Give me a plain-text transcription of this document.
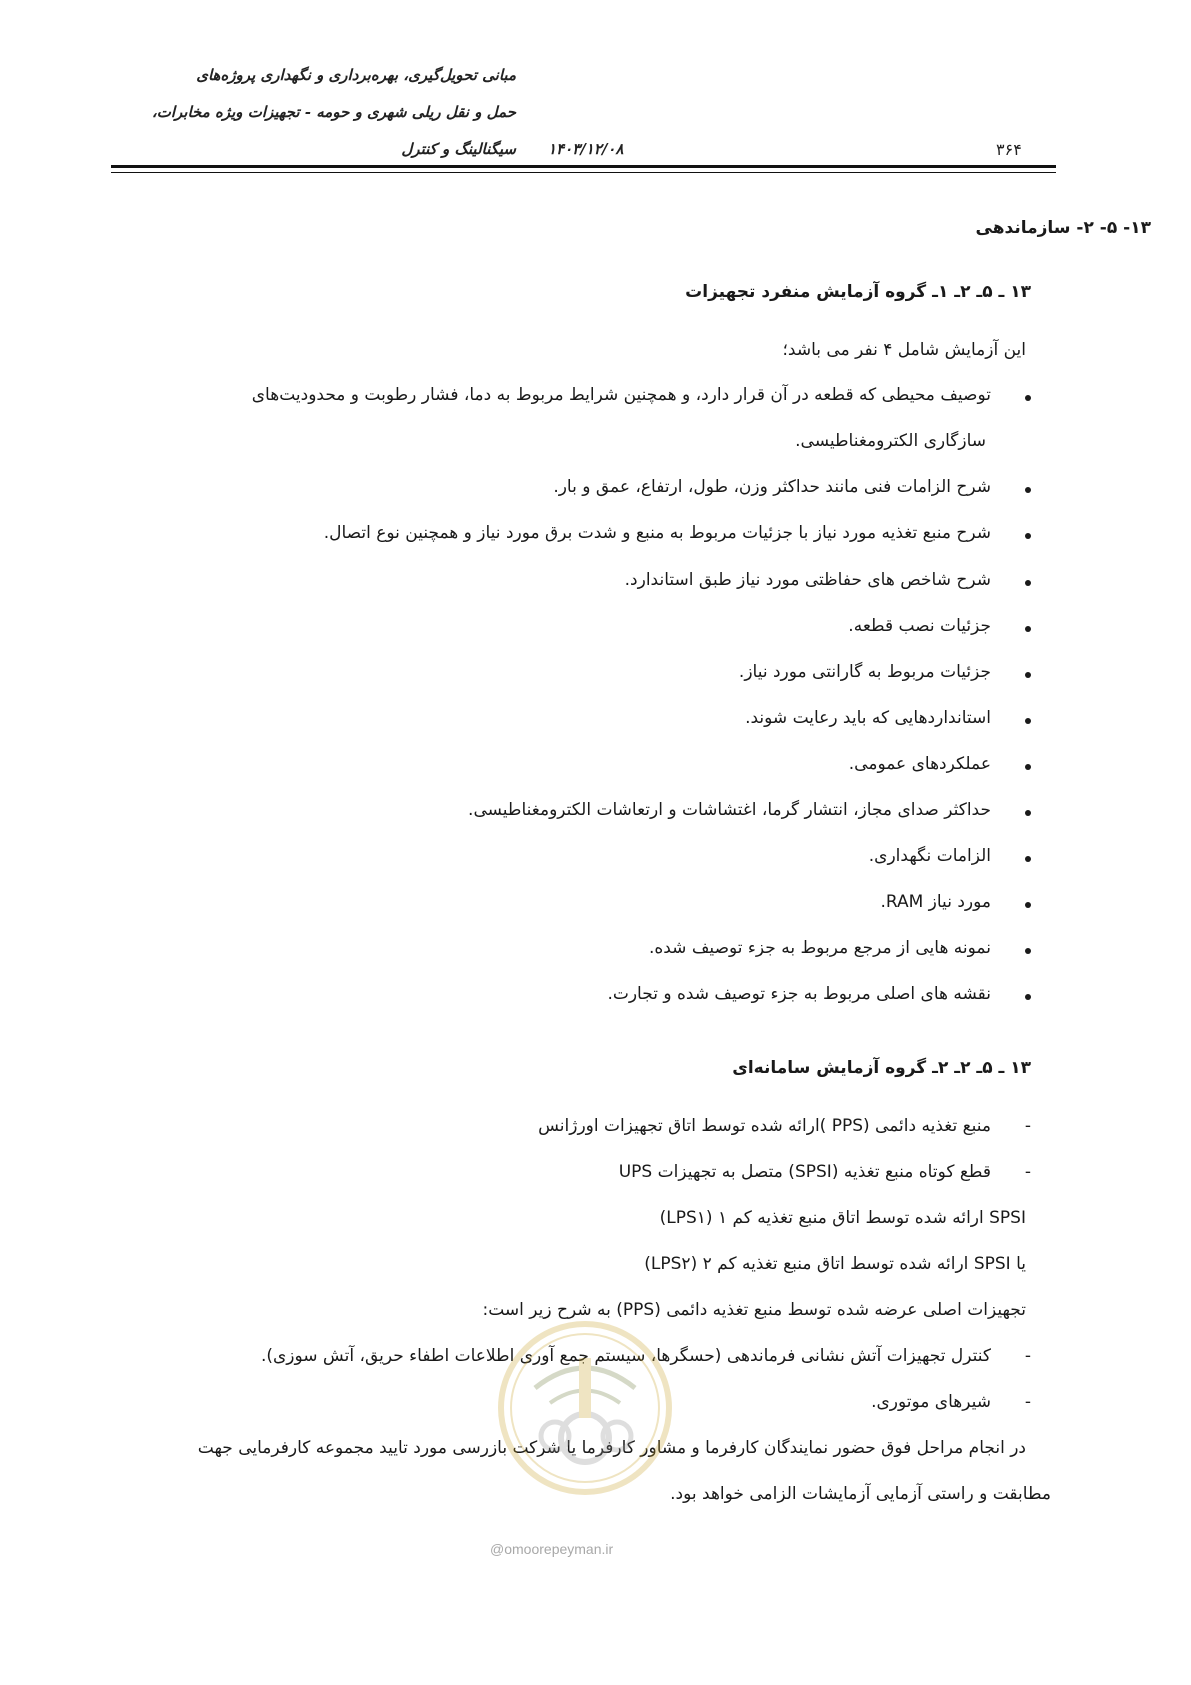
مبانی تحویل‌گیری، بهره‌برداری و نگهداری پروژه‌های
حمل و نقل ریلی شهری و حومه - تجهیزات ویژه مخابرات،
سیگنالینگ و کنترل ۱۴۰۳/۱۲/۰۸	۳۶۴
۱۳- ۵- ۲- سازماندهی
۱۳ ـ ۵ـ ۲ـ ۱ـ گروه آزمایش منفرد تجهیزات
این آزمایش شامل ۴ نفر می باشد؛
توصیف محیطی که قطعه در آن قرار دارد، و همچنین شرایط مربوط به دما، فشار رطوبت و محدودیت‌های
سازگاری الکترومغناطیسی.
شرح الزامات فنی مانند حداکثر وزن، طول، ارتفاع، عمق و بار.
شرح منبع تغذیه مورد نیاز با جزئیات مربوط به منبع و شدت برق مورد نیاز و همچنین نوع اتصال.
شرح شاخص های حفاظتی مورد نیاز طبق استاندارد.
جزئیات نصب قطعه.
جزئیات مربوط به گارانتی مورد نیاز.
استانداردهایی که باید رعایت شوند.
عملکردهای عمومی.
حداکثر صدای مجاز، انتشار گرما، اغتشاشات و ارتعاشات الکترومغناطیسی.
الزامات نگهداری.
مورد نیاز RAM.
نمونه هایی از مرجع مربوط به جزء توصیف شده.
نقشه های اصلی مربوط به جزء توصیف شده و تجارت.
۱۳ ـ ۵ـ ۲ـ ۲ـ گروه آزمایش سامانه‌ای
-
منبع تغذیه دائمی (PPS )ارائه شده توسط اتاق تجهیزات اورژانس
-
قطع کوتاه منبع تغذیه (SPSI) متصل به تجهیزات UPS
SPSI ارائه شده توسط اتاق منبع تغذیه کم ۱ (LPS۱)
یا SPSI ارائه شده توسط اتاق منبع تغذیه کم ۲ (LPS۲)
تجهیزات اصلی عرضه شده توسط منبع تغذیه دائمی (PPS) به شرح زیر است:
-
کنترل تجهیزات آتش نشانی فرماندهی (حسگرها، سیستم جمع آوری اطلاعات اطفاء حریق، آتش سوزی).
-
شیرهای موتوری.
در انجام مراحل فوق حضور نمایندگان کارفرما و مشاور کارفرما یا شرکت بازرسی مورد تایید مجموعه کارفرمایی جهت
مطابقت و راستی آزمایی آزمایشات الزامی خواهد بود.
@omoorepeyman.ir
